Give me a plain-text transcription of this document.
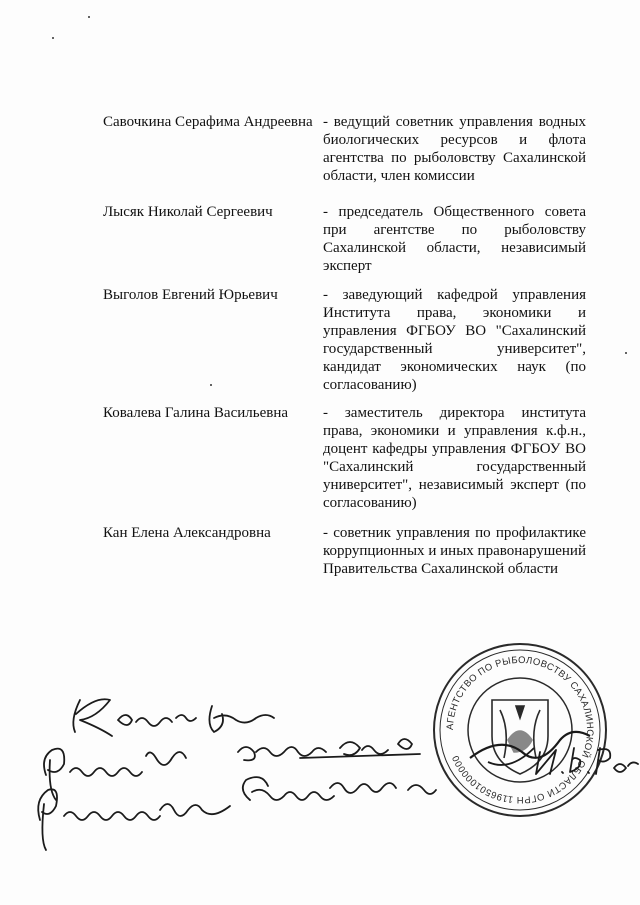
Савочкина Серафима Андреевна - ведущий советник управления водных биологических ресурсов и флота агентства по рыболовству Сахалинской области, член комиссии
Лысяк Николай Сергеевич	- председатель Общественного совета при агентстве по рыболовству Сахалинской области, независимый эксперт
Выголов Евгений Юрьевич	- заведующий кафедрой управления Института права, экономики и управления ФГБОУ ВО "Сахалинский государственный университет", кандидат экономических наук (по согласованию)
Ковалева Галина Васильевна	- заместитель директора института права, экономики и управления к.ф.н., доцент кафедры управления ФГБОУ ВО "Сахалинский государственный университет", независимый эксперт (по согласованию)
Кан Елена Александровна	- советник управления по профилактике коррупционных и иных правонарушений Правительства Сахалинской области
АГЕНТСТВО ПО РЫБОЛОВСТВУ САХАЛИНСКОЙ ОБЛАСТИ ОГРН 1196501000000
